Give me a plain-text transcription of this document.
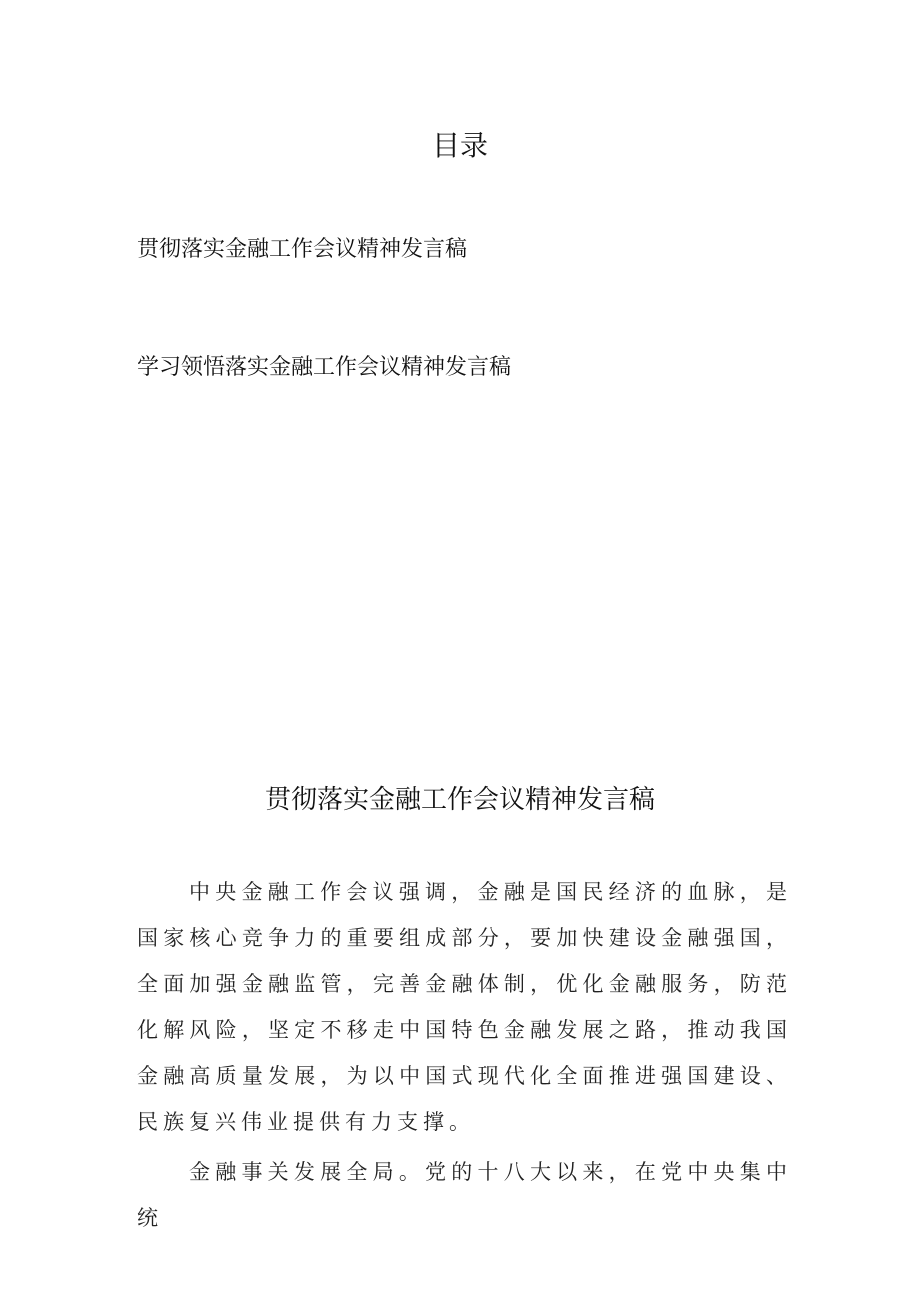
目录
贯彻落实金融工作会议精神发言稿
学习领悟落实金融工作会议精神发言稿
贯彻落实金融工作会议精神发言稿

中央金融工作会议强调，金融是国民经济的血脉，是国家核心竞争力的重要组成部分，要加快建设金融强国，全面加强金融监管，完善金融体制，优化金融服务，防范化解风险，坚定不移走中国特色金融发展之路，推动我国金融高质量发展，为以中国式现代化全面推进强国建设、民族复兴伟业提供有力支撑。

金融事关发展全局。党的十八大以来，在党中央集中统
